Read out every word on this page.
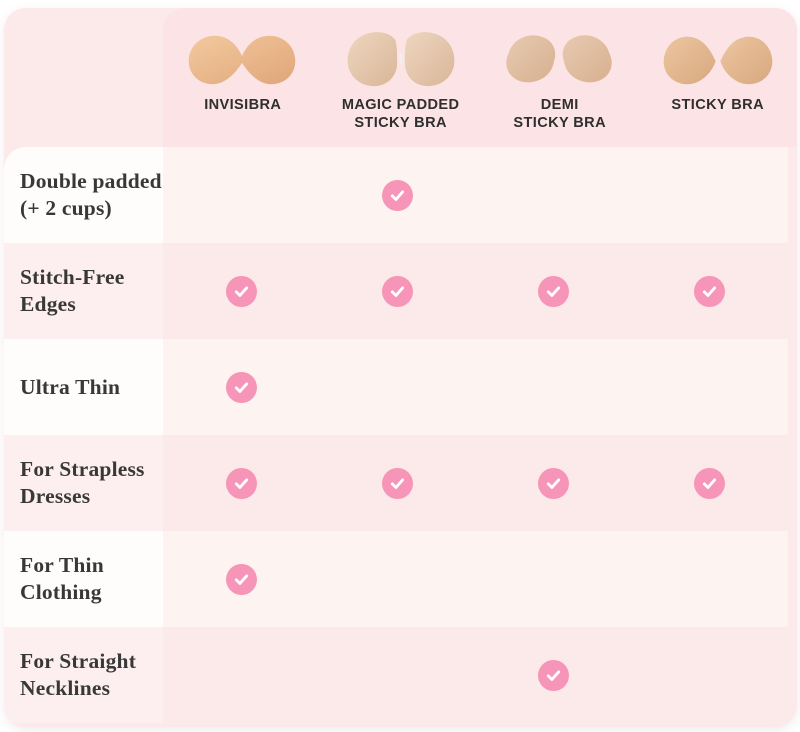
INVISIBRA	MAGIC PADDED
STICKY BRA
DEMI
STICKY BRA
STICKY BRA
Double padded
(+ 2 cups)
Stitch-Free
Edges
Ultra Thin
For Strapless
Dresses
For Thin
Clothing
For Straight
Necklines
